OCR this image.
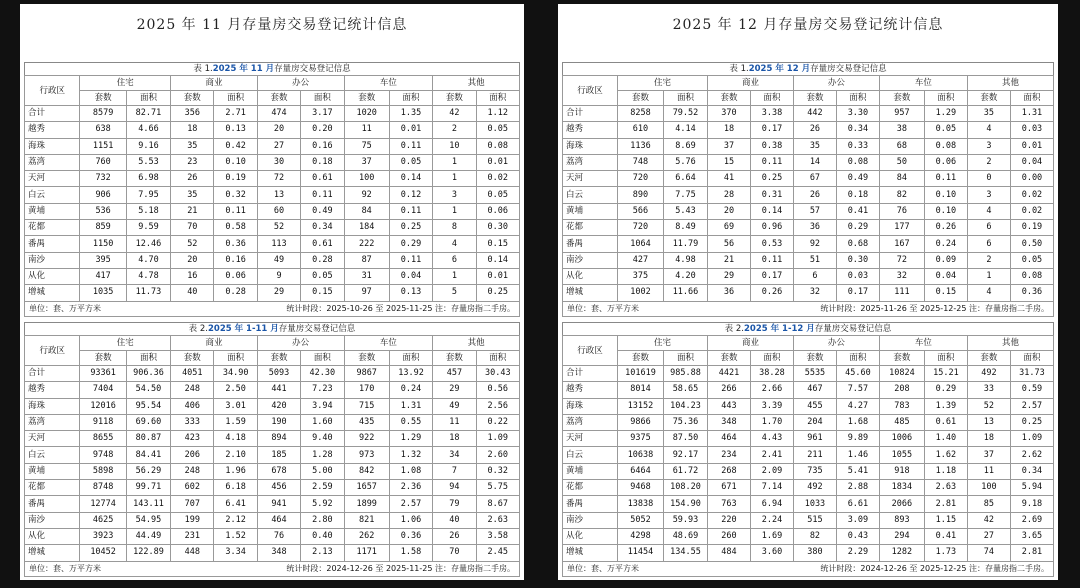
2025 年 11 月存量房交易登记统计信息
表 1.2025 年 11 月存量房交易登记信息
行政区	住宅		商业		办公		车位		其他	
	套数	面积	套数	面积	套数	面积	套数	面积	套数	面积
合计	8579	82.71	356	2.71	474	3.17	1020	1.35	42	1.12
越秀	638	4.66	18	0.13	20	0.20	11	0.01	2	0.05
海珠	1151	9.16	35	0.42	27	0.16	75	0.11	10	0.08
荔湾	760	5.53	23	0.10	30	0.18	37	0.05	1	0.01
天河	732	6.98	26	0.19	72	0.61	100	0.14	1	0.02
白云	906	7.95	35	0.32	13	0.11	92	0.12	3	0.05
黄埔	536	5.18	21	0.11	60	0.49	84	0.11	1	0.06
花都	859	9.59	70	0.58	52	0.34	184	0.25	8	0.30
番禺	1150	12.46	52	0.36	113	0.61	222	0.29	4	0.15
南沙	395	4.70	20	0.16	49	0.28	87	0.11	6	0.14
从化	417	4.78	16	0.06	9	0.05	31	0.04	1	0.01
增城	1035	11.73	40	0.28	29	0.15	97	0.13	5	0.25
单位：套、万平方米	统计时段：2025-10-26 至 2025-11-25 注：存量房指二手房。
表 2.2025 年 1-11 月存量房交易登记信息
行政区	住宅		商业		办公		车位		其他	
	套数	面积	套数	面积	套数	面积	套数	面积	套数	面积
合计	93361	906.36	4051	34.90	5093	42.30	9867	13.92	457	30.43
越秀	7404	54.50	248	2.50	441	7.23	170	0.24	29	0.56
海珠	12016	95.54	406	3.01	420	3.94	715	1.31	49	2.56
荔湾	9118	69.60	333	1.59	190	1.60	435	0.55	11	0.22
天河	8655	80.87	423	4.18	894	9.40	922	1.29	18	1.09
白云	9748	84.41	206	2.10	185	1.28	973	1.32	34	2.60
黄埔	5898	56.29	248	1.96	678	5.00	842	1.08	7	0.32
花都	8748	99.71	602	6.18	456	2.59	1657	2.36	94	5.75
番禺	12774	143.11	707	6.41	941	5.92	1899	2.57	79	8.67
南沙	4625	54.95	199	2.12	464	2.80	821	1.06	40	2.63
从化	3923	44.49	231	1.52	76	0.40	262	0.36	26	3.58
增城	10452	122.89	448	3.34	348	2.13	1171	1.58	70	2.45
单位：套、万平方米	统计时段：2024-12-26 至 2025-11-25 注：存量房指二手房。
2025 年 12 月存量房交易登记统计信息
表 1.2025 年 12 月存量房交易登记信息
行政区	住宅		商业		办公		车位		其他	
	套数	面积	套数	面积	套数	面积	套数	面积	套数	面积
合计	8258	79.52	370	3.38	442	3.30	957	1.29	35	1.31
越秀	610	4.14	18	0.17	26	0.34	38	0.05	4	0.03
海珠	1136	8.69	37	0.38	35	0.33	68	0.08	3	0.01
荔湾	748	5.76	15	0.11	14	0.08	50	0.06	2	0.04
天河	720	6.64	41	0.25	67	0.49	84	0.11	0	0.00
白云	890	7.75	28	0.31	26	0.18	82	0.10	3	0.02
黄埔	566	5.43	20	0.14	57	0.41	76	0.10	4	0.02
花都	720	8.49	69	0.96	36	0.29	177	0.26	6	0.19
番禺	1064	11.79	56	0.53	92	0.68	167	0.24	6	0.50
南沙	427	4.98	21	0.11	51	0.30	72	0.09	2	0.05
从化	375	4.20	29	0.17	6	0.03	32	0.04	1	0.08
增城	1002	11.66	36	0.26	32	0.17	111	0.15	4	0.36
单位：套、万平方米	统计时段：2025-11-26 至 2025-12-25 注：存量房指二手房。
表 2.2025 年 1-12 月存量房交易登记信息
行政区	住宅		商业		办公		车位		其他	
	套数	面积	套数	面积	套数	面积	套数	面积	套数	面积
合计	101619	985.88	4421	38.28	5535	45.60	10824	15.21	492	31.73
越秀	8014	58.65	266	2.66	467	7.57	208	0.29	33	0.59
海珠	13152	104.23	443	3.39	455	4.27	783	1.39	52	2.57
荔湾	9866	75.36	348	1.70	204	1.68	485	0.61	13	0.25
天河	9375	87.50	464	4.43	961	9.89	1006	1.40	18	1.09
白云	10638	92.17	234	2.41	211	1.46	1055	1.62	37	2.62
黄埔	6464	61.72	268	2.09	735	5.41	918	1.18	11	0.34
花都	9468	108.20	671	7.14	492	2.88	1834	2.63	100	5.94
番禺	13838	154.90	763	6.94	1033	6.61	2066	2.81	85	9.18
南沙	5052	59.93	220	2.24	515	3.09	893	1.15	42	2.69
从化	4298	48.69	260	1.69	82	0.43	294	0.41	27	3.65
增城	11454	134.55	484	3.60	380	2.29	1282	1.73	74	2.81
单位：套、万平方米	统计时段：2024-12-26 至 2025-12-25 注：存量房指二手房。
